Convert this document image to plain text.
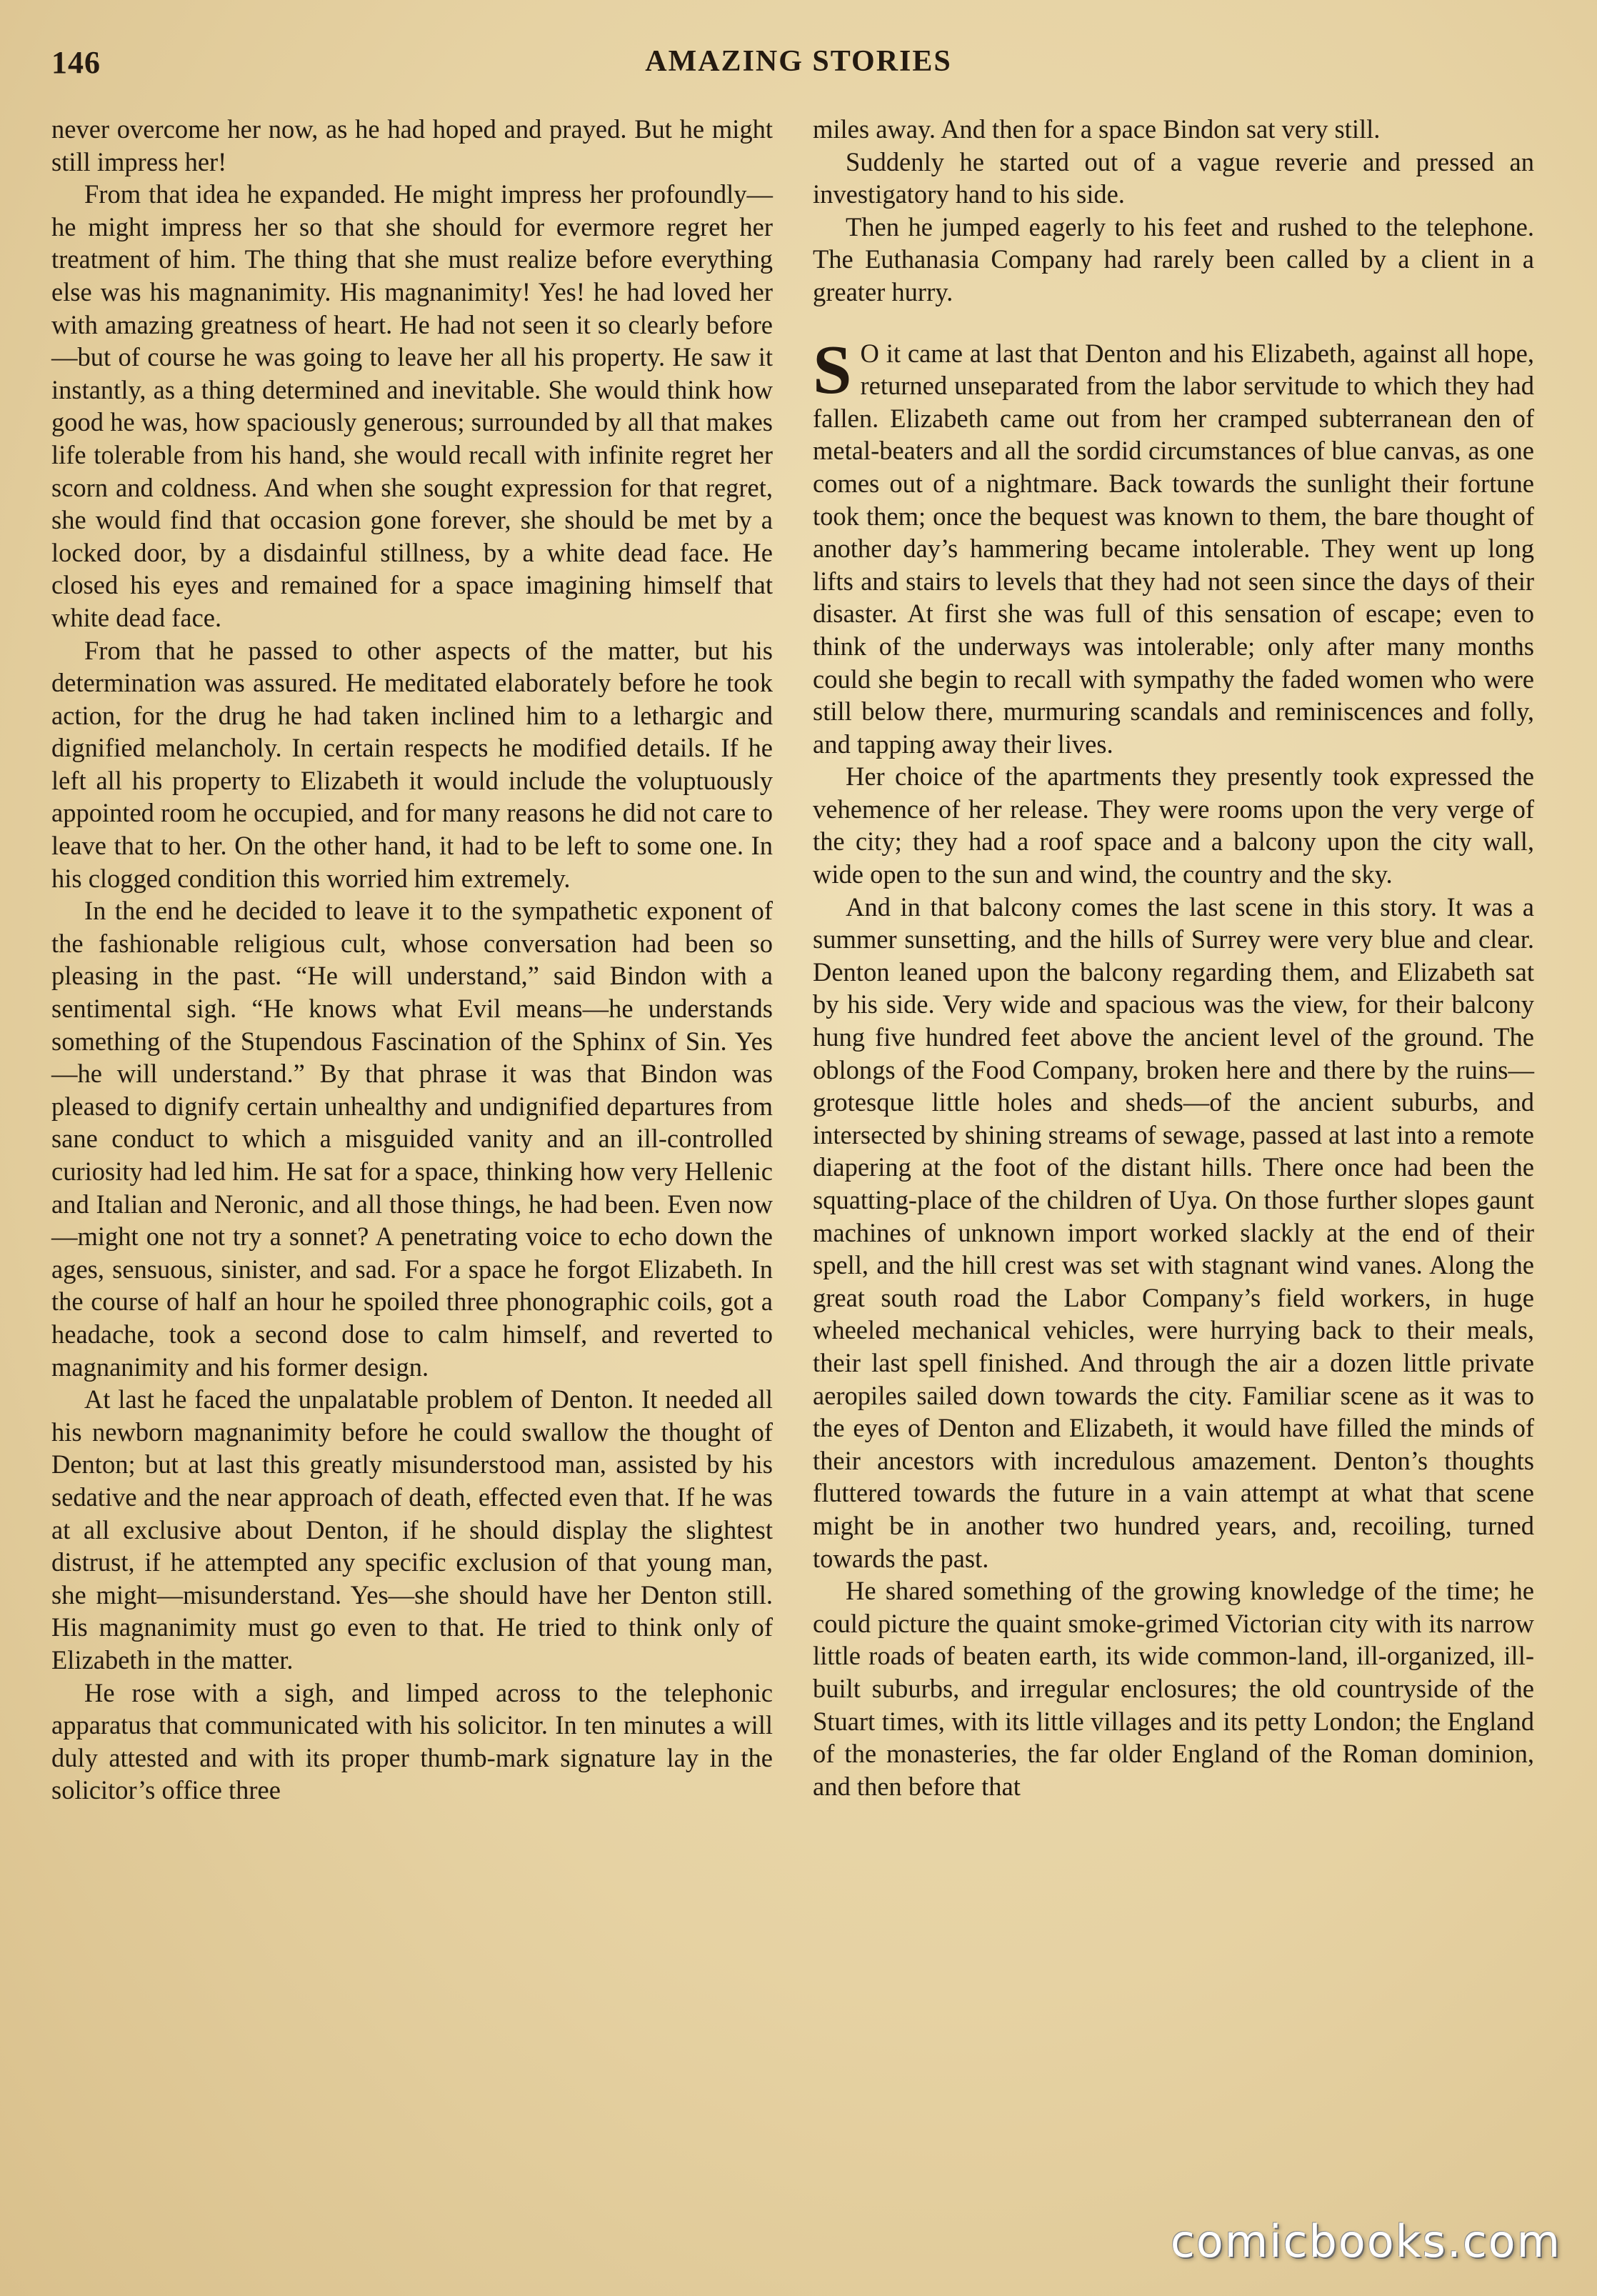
146	AMAZING STORIES

never overcome her now, as he had hoped and prayed. But he might still impress her!

From that idea he expanded. He might impress her profoundly—he might impress her so that she should for evermore regret her treatment of him. The thing that she must realize before everything else was his magnanimity. His magnanimity! Yes! he had loved her with amazing greatness of heart. He had not seen it so clearly before—but of course he was going to leave her all his property. He saw it instantly, as a thing determined and inevitable. She would think how good he was, how spaciously generous; surrounded by all that makes life tolerable from his hand, she would recall with infinite regret her scorn and coldness. And when she sought expression for that regret, she would find that occasion gone forever, she should be met by a locked door, by a disdainful stillness, by a white dead face. He closed his eyes and remained for a space imagining himself that white dead face.

From that he passed to other aspects of the matter, but his determination was assured. He meditated elaborately before he took action, for the drug he had taken inclined him to a lethargic and dignified melancholy. In certain respects he modified details. If he left all his property to Elizabeth it would include the voluptuously appointed room he occupied, and for many reasons he did not care to leave that to her. On the other hand, it had to be left to some one. In his clogged condition this worried him extremely.

In the end he decided to leave it to the sympathetic exponent of the fashionable religious cult, whose conversation had been so pleasing in the past. “He will understand,” said Bindon with a sentimental sigh. “He knows what Evil means—he understands something of the Stupendous Fascination of the Sphinx of Sin. Yes—he will understand.” By that phrase it was that Bindon was pleased to dignify certain unhealthy and undignified departures from sane conduct to which a misguided vanity and an ill-controlled curiosity had led him. He sat for a space, thinking how very Hellenic and Italian and Neronic, and all those things, he had been. Even now—might one not try a sonnet? A penetrating voice to echo down the ages, sensuous, sinister, and sad. For a space he forgot Elizabeth. In the course of half an hour he spoiled three phonographic coils, got a headache, took a second dose to calm himself, and reverted to magnanimity and his former design.

At last he faced the unpalatable problem of Denton. It needed all his newborn magnanimity before he could swallow the thought of Denton; but at last this greatly misunderstood man, assisted by his sedative and the near approach of death, effected even that. If he was at all exclusive about Denton, if he should display the slightest distrust, if he attempted any specific exclusion of that young man, she might—misunderstand. Yes—she should have her Denton still. His magnanimity must go even to that. He tried to think only of Elizabeth in the matter.

He rose with a sigh, and limped across to the telephonic apparatus that communicated with his solicitor. In ten minutes a will duly attested and with its proper thumb-mark signature lay in the solicitor’s office three

miles away. And then for a space Bindon sat very still.

Suddenly he started out of a vague reverie and pressed an investigatory hand to his side.

Then he jumped eagerly to his feet and rushed to the telephone. The Euthanasia Company had rarely been called by a client in a greater hurry.

S O it came at last that Denton and his Elizabeth, against all hope, returned unseparated from the labor servitude to which they had fallen. Elizabeth came out from her cramped subterranean den of metal-beaters and all the sordid circumstances of blue canvas, as one comes out of a nightmare. Back towards the sunlight their fortune took them; once the bequest was known to them, the bare thought of another day’s hammering became intolerable. They went up long lifts and stairs to levels that they had not seen since the days of their disaster. At first she was full of this sensation of escape; even to think of the underways was intolerable; only after many months could she begin to recall with sympathy the faded women who were still below there, murmuring scandals and reminiscences and folly, and tapping away their lives.

Her choice of the apartments they presently took expressed the vehemence of her release. They were rooms upon the very verge of the city; they had a roof space and a balcony upon the city wall, wide open to the sun and wind, the country and the sky.

And in that balcony comes the last scene in this story. It was a summer sunsetting, and the hills of Surrey were very blue and clear. Denton leaned upon the balcony regarding them, and Elizabeth sat by his side. Very wide and spacious was the view, for their balcony hung five hundred feet above the ancient level of the ground. The oblongs of the Food Company, broken here and there by the ruins—grotesque little holes and sheds—of the ancient suburbs, and intersected by shining streams of sewage, passed at last into a remote diapering at the foot of the distant hills. There once had been the squatting-place of the children of Uya. On those further slopes gaunt machines of unknown import worked slackly at the end of their spell, and the hill crest was set with stagnant wind vanes. Along the great south road the Labor Company’s field workers, in huge wheeled mechanical vehicles, were hurrying back to their meals, their last spell finished. And through the air a dozen little private aeropiles sailed down towards the city. Familiar scene as it was to the eyes of Denton and Elizabeth, it would have filled the minds of their ancestors with incredulous amazement. Denton’s thoughts fluttered towards the future in a vain attempt at what that scene might be in another two hundred years, and, recoiling, turned towards the past.

He shared something of the growing knowledge of the time; he could picture the quaint smoke-grimed Victorian city with its narrow little roads of beaten earth, its wide common-land, ill-organized, ill-built suburbs, and irregular enclosures; the old countryside of the Stuart times, with its little villages and its petty London; the England of the monasteries, the far older England of the Roman dominion, and then before that

comicbooks.com
